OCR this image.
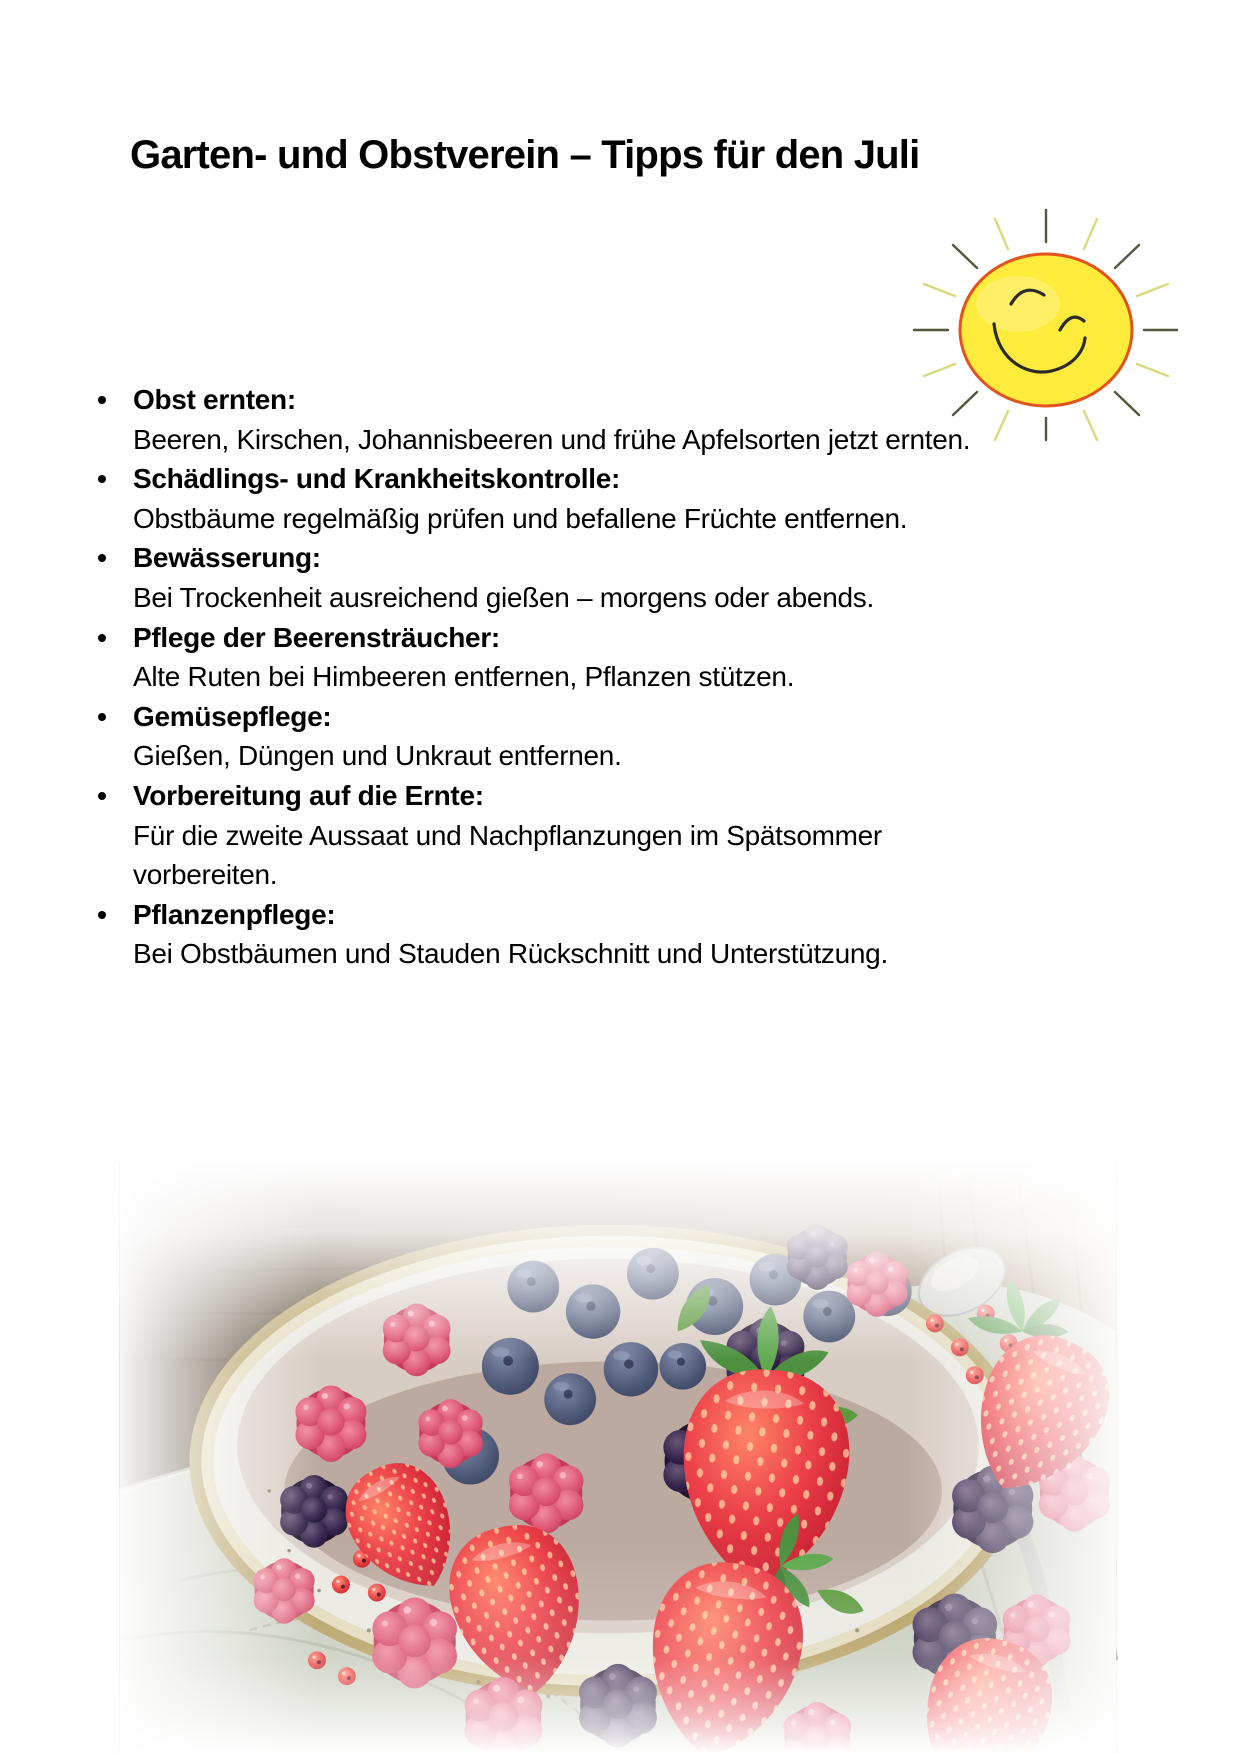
Garten- und Obstverein – Tipps für den Juli
Obst ernten:
Beeren, Kirschen, Johannisbeeren und frühe Apfelsorten jetzt ernten.
Schädlings- und Krankheitskontrolle:
Obstbäume regelmäßig prüfen und befallene Früchte entfernen.
Bewässerung:
Bei Trockenheit ausreichend gießen – morgens oder abends.
Pflege der Beerensträucher:
Alte Ruten bei Himbeeren entfernen, Pflanzen stützen.
Gemüsepflege:
Gießen, Düngen und Unkraut entfernen.
Vorbereitung auf die Ernte:
Für die zweite Aussaat und Nachpflanzungen im Spätsommer vorbereiten.
Pflanzenpflege:
Bei Obstbäumen und Stauden Rückschnitt und Unterstützung.
